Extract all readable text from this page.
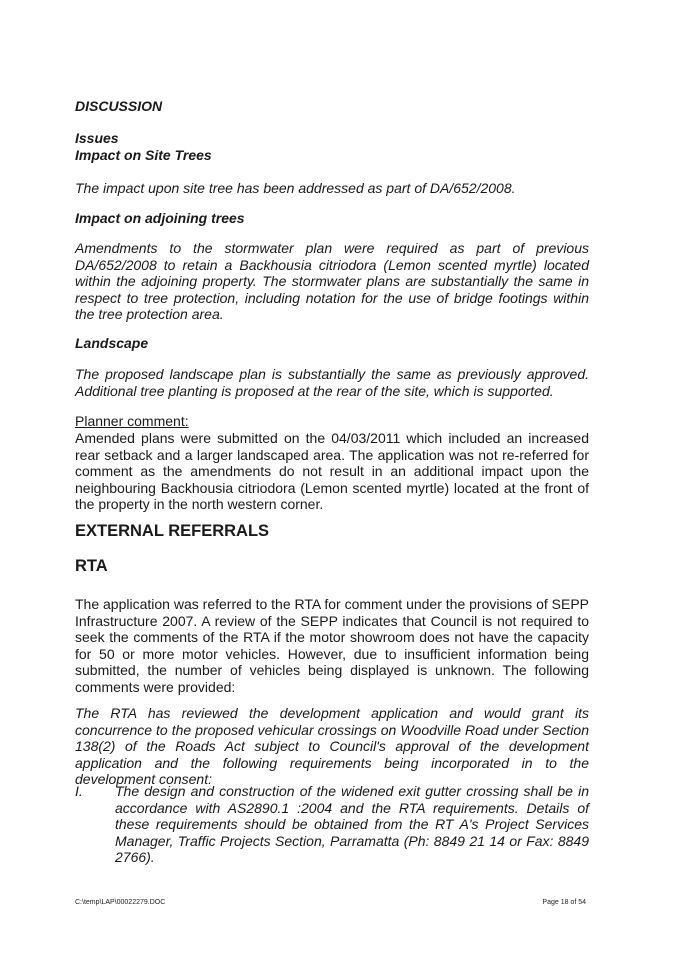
DISCUSSION

Issues

Impact on Site Trees

The impact upon site tree has been addressed as part of DA/652/2008.

Impact on adjoining trees

Amendments to the stormwater plan were required as part of previous DA/652/2008 to retain a Backhousia citriodora (Lemon scented myrtle) located within the adjoining property. The stormwater plans are substantially the same in respect to tree protection, including notation for the use of bridge footings within the tree protection area.

Landscape

The proposed landscape plan is substantially the same as previously approved. Additional tree planting is proposed at the rear of the site, which is supported.

Planner comment:

Amended plans were submitted on the 04/03/2011 which included an increased rear setback and a larger landscaped area. The application was not re-referred for comment as the amendments do not result in an additional impact upon the neighbouring Backhousia citriodora (Lemon scented myrtle) located at the front of the property in the north western corner.

EXTERNAL REFERRALS

RTA

The application was referred to the RTA for comment under the provisions of SEPP Infrastructure 2007. A review of the SEPP indicates that Council is not required to seek the comments of the RTA if the motor showroom does not have the capacity for 50 or more motor vehicles. However, due to insufficient information being submitted, the number of vehicles being displayed is unknown. The following comments were provided:

The RTA has reviewed the development application and would grant its concurrence to the proposed vehicular crossings on Woodville Road under Section 138(2) of the Roads Act subject to Council's approval of the development application and the following requirements being incorporated in to the development consent:

I. The design and construction of the widened exit gutter crossing shall be in accordance with AS2890.1 :2004 and the RTA requirements. Details of these requirements should be obtained from the RT A's Project Services Manager, Traffic Projects Section, Parramatta (Ph: 8849 21 14 or Fax: 8849 2766).
C:\temp\LAP\00022279.DOC	Page 18 of 54
